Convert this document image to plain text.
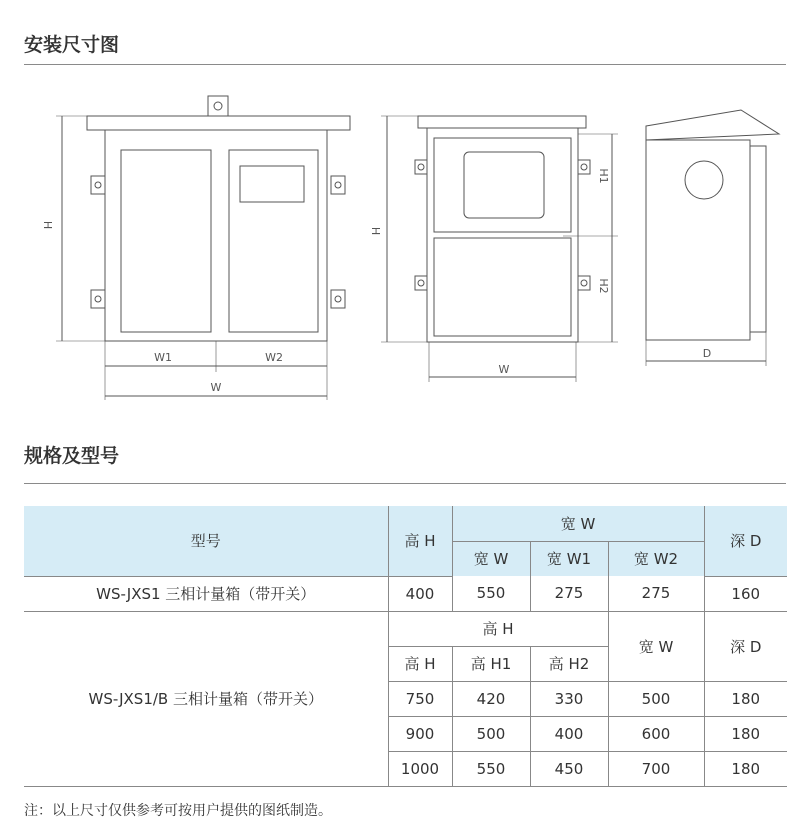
安装尺寸图
H
W1	W2
W
H
H1
H2
W
D
规格及型号
型号	高 H	宽 W			深 D
		宽 W	宽 W1	宽 W2	
WS-JXS1 三相计量箱（带开关）	400	550	275	275	160
WS-JXS1/B 三相计量箱（带开关）	高 H			宽 W	深 D
	高 H	高 H1	高 H2		
	750	420	330	500	180
	900	500	400	600	180
	1000	550	450	700	180

注：以上尺寸仅供参考可按用户提供的图纸制造。
